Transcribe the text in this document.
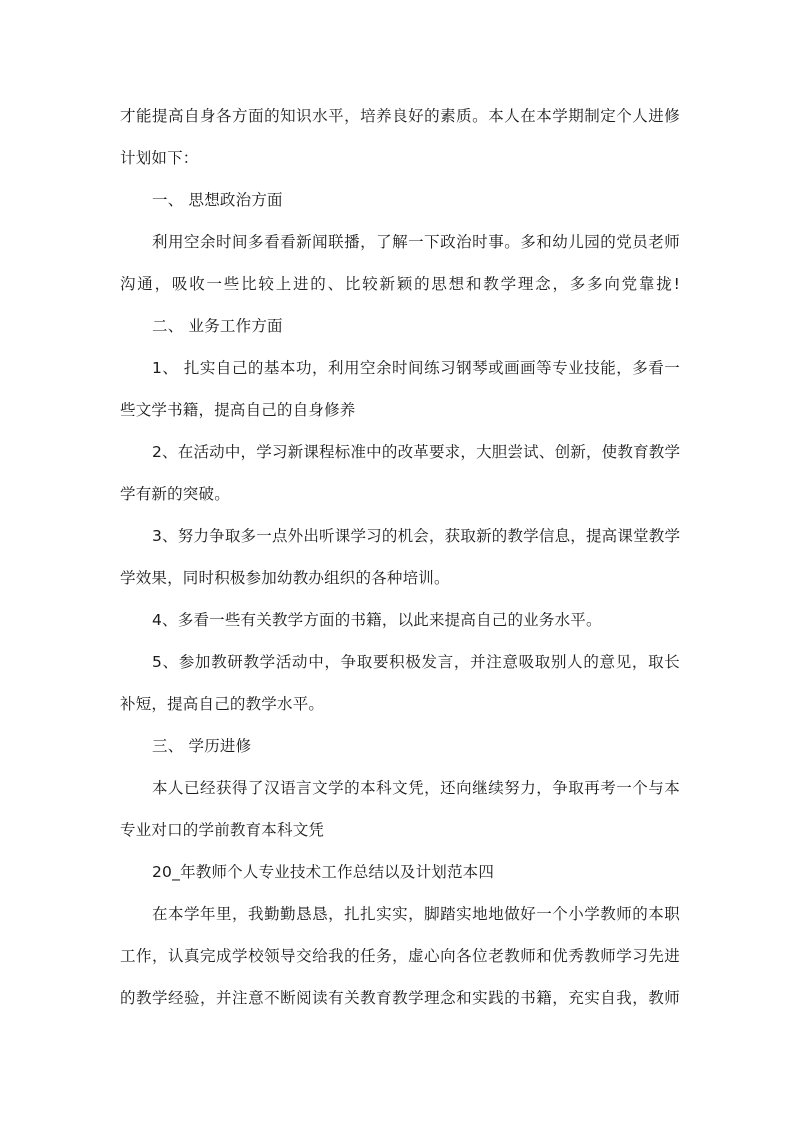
才能提高自身各方面的知识水平，培养良好的素质。本人在本学期制定个人进修
计划如下：
一、 思想政治方面
利用空余时间多看看新闻联播，了解一下政治时事。多和幼儿园的党员老师
沟通，吸收一些比较上进的、比较新颖的思想和教学理念，多多向党靠拢!
二、 业务工作方面
1、 扎实自己的基本功，利用空余时间练习钢琴或画画等专业技能，多看一
些文学书籍，提高自己的自身修养
2、在活动中，学习新课程标准中的改革要求，大胆尝试、创新，使教育教学
学有新的突破。
3、努力争取多一点外出听课学习的机会，获取新的教学信息，提高课堂教学
学效果，同时积极参加幼教办组织的各种培训。
4、多看一些有关教学方面的书籍，以此来提高自己的业务水平。
5、参加教研教学活动中，争取要积极发言，并注意吸取别人的意见，取长
补短，提高自己的教学水平。
三、 学历进修
本人已经获得了汉语言文学的本科文凭，还向继续努力，争取再考一个与本
专业对口的学前教育本科文凭
20_年教师个人专业技术工作总结以及计划范本四
在本学年里，我勤勤恳恳，扎扎实实，脚踏实地地做好一个小学教师的本职
工作，认真完成学校领导交给我的任务，虚心向各位老教师和优秀教师学习先进
的教学经验，并注意不断阅读有关教育教学理念和实践的书籍，充实自我，教师
